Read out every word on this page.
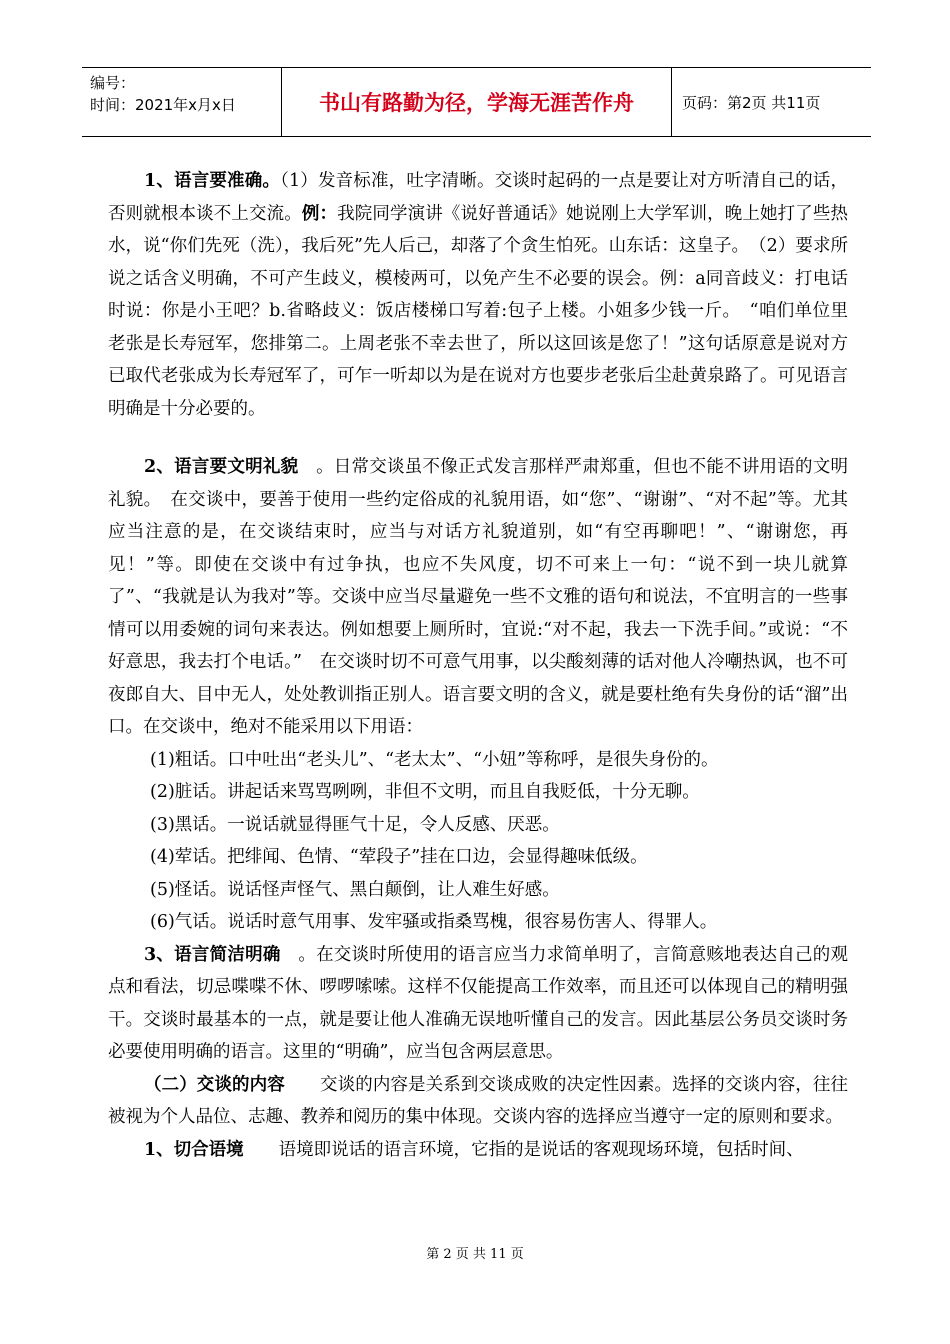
编号：
时间：2021年x月x日	书山有路勤为径，学海无涯苦作舟	页码：第2页 共11页

1、语言要准确。（1）发音标准，吐字清晰。交谈时起码的一点是要让对方听清自己的话，否则就根本谈不上交流。例：我院同学演讲《说好普通话》她说刚上大学军训，晚上她打了些热水，说“你们先死（洗），我后死”先人后己，却落了个贪生怕死。山东话：这皇子。　（2）要求所说之话含义明确，不可产生歧义，模棱两可，以免产生不必要的误会。例：a同音歧义：打电话时说：你是小王吧？b.省略歧义：饭店楼梯口写着:包子上楼。小姐多少钱一斤。　“咱们单位里老张是长寿冠军，您排第二。上周老张不幸去世了，所以这回该是您了！”这句话原意是说对方已取代老张成为长寿冠军了，可乍一听却以为是在说对方也要步老张后尘赴黄泉路了。可见语言明确是十分必要的。

2、语言要文明礼貌　。日常交谈虽不像正式发言那样严肃郑重，但也不能不讲用语的文明礼貌。　在交谈中，要善于使用一些约定俗成的礼貌用语，如“您”、“谢谢”、“对不起”等。尤其应当注意的是，在交谈结束时，应当与对话方礼貌道别，如“有空再聊吧！”、“谢谢您，再见！”等。即使在交谈中有过争执，也应不失风度，切不可来上一句：“说不到一块儿就算了”、“我就是认为我对”等。交谈中应当尽量避免一些不文雅的语句和说法，不宜明言的一些事情可以用委婉的词句来表达。例如想要上厕所时，宜说:“对不起，我去一下洗手间。”或说：“不好意思，我去打个电话。”　在交谈时切不可意气用事，以尖酸刻薄的话对他人冷嘲热讽，也不可夜郎自大、目中无人，处处教训指正别人。语言要文明的含义，就是要杜绝有失身份的话“溜”出口。在交谈中，绝对不能采用以下用语：

(1)粗话。口中吐出“老头儿”、“老太太”、“小妞”等称呼，是很失身份的。

(2)脏话。讲起话来骂骂咧咧，非但不文明，而且自我贬低，十分无聊。

(3)黑话。一说话就显得匪气十足，令人反感、厌恶。

(4)荤话。把绯闻、色情、“荤段子”挂在口边，会显得趣味低级。

(5)怪话。说话怪声怪气、黑白颠倒，让人难生好感。

(6)气话。说话时意气用事、发牢骚或指桑骂槐，很容易伤害人、得罪人。

3、语言简洁明确　。在交谈时所使用的语言应当力求简单明了，言简意赅地表达自己的观点和看法，切忌喋喋不休、啰啰嗦嗦。这样不仅能提高工作效率，而且还可以体现自己的精明强干。交谈时最基本的一点，就是要让他人准确无误地听懂自己的发言。因此基层公务员交谈时务必要使用明确的语言。这里的“明确”，应当包含两层意思。

（二）交谈的内容　　交谈的内容是关系到交谈成败的决定性因素。选择的交谈内容，往往被视为个人品位、志趣、教养和阅历的集中体现。交谈内容的选择应当遵守一定的原则和要求。

1、切合语境　　语境即说话的语言环境，它指的是说话的客观现场环境，包括时间、

第 2 页 共 11 页
